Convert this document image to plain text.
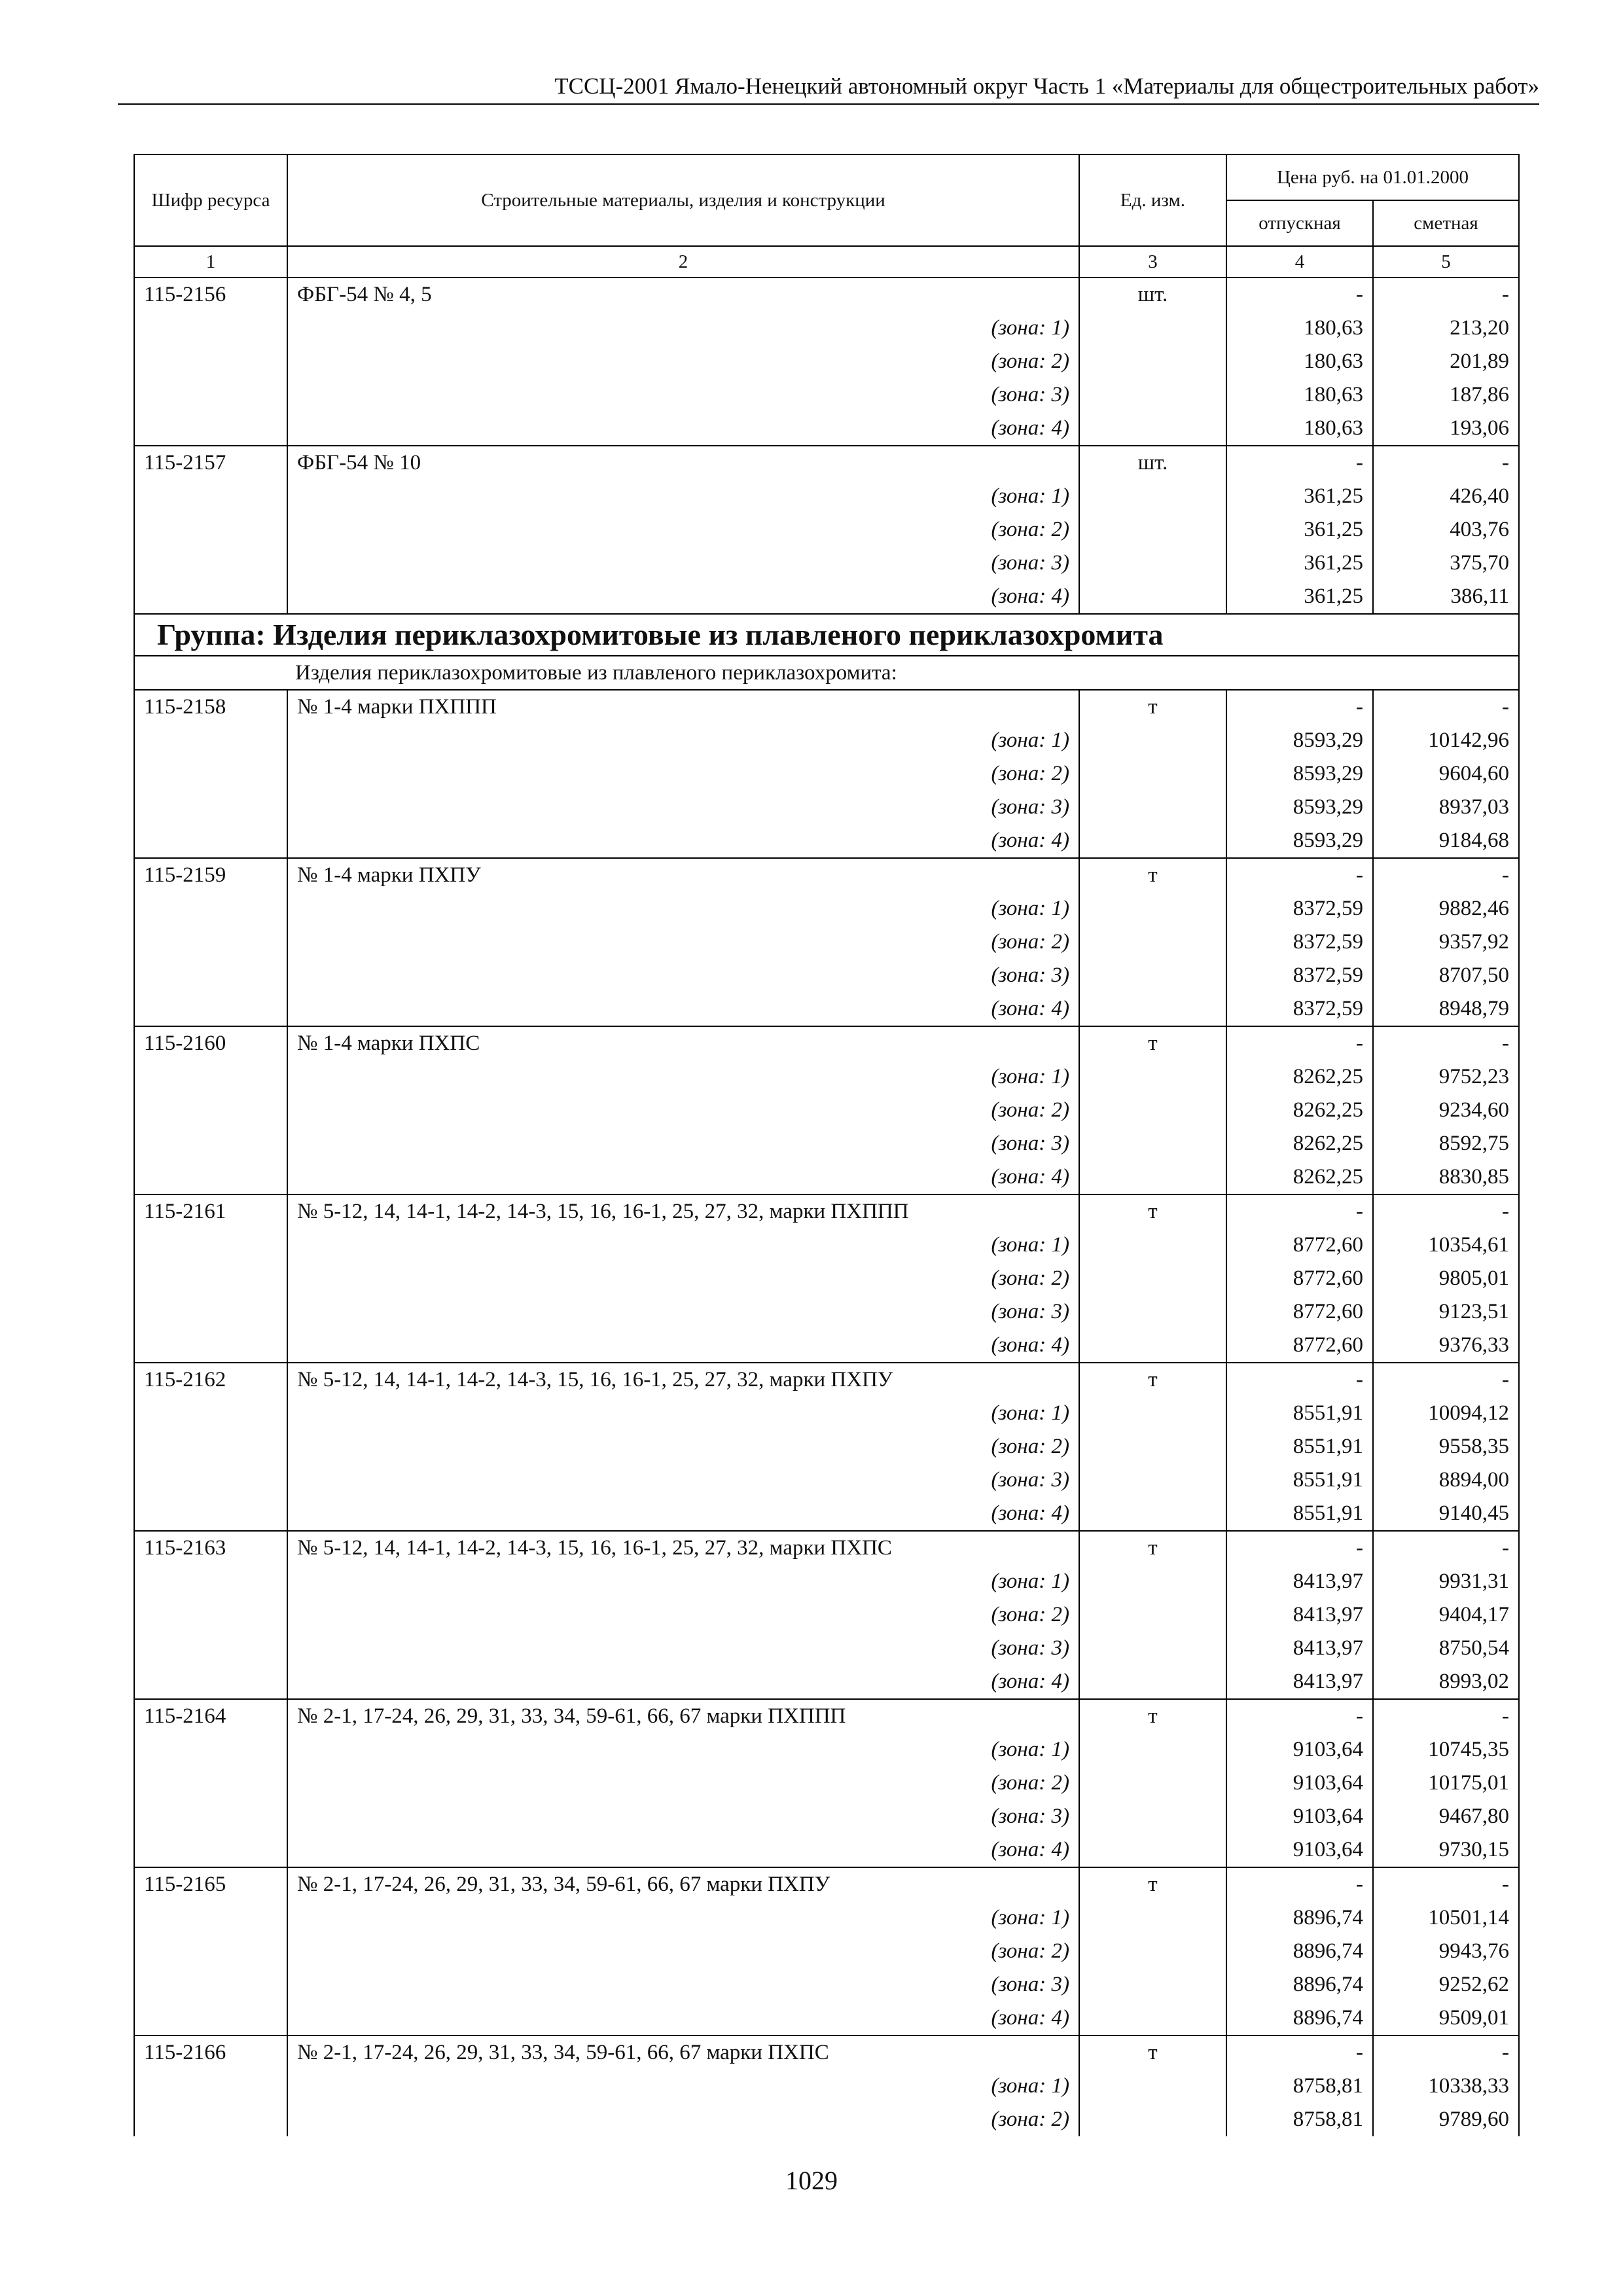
ТССЦ-2001 Ямало-Ненецкий автономный округ Часть 1 «Материалы для общестроительных работ»
Шифр ресурса	Строительные материалы, изделия и конструкции	Ед. изм.	Цена руб. на 01.01.2000	
			отпускная	сметная
1	2	3	4	5
115-2156	ФБГ-54 № 4, 5	шт.	-	-
	(зона: 1)		180,63	213,20
	(зона: 2)		180,63	201,89
	(зона: 3)		180,63	187,86
	(зона: 4)		180,63	193,06
115-2157	ФБГ-54 № 10	шт.	-	-
	(зона: 1)		361,25	426,40
	(зона: 2)		361,25	403,76
	(зона: 3)		361,25	375,70
	(зона: 4)		361,25	386,11
Группа: Изделия периклазохромитовые из плавленого периклазохромита				
Изделия периклазохромитовые из плавленого периклазохромита:				
115-2158	№ 1-4 марки ПХППП	т	-	-
	(зона: 1)		8593,29	10142,96
	(зона: 2)		8593,29	9604,60
	(зона: 3)		8593,29	8937,03
	(зона: 4)		8593,29	9184,68
115-2159	№ 1-4 марки ПХПУ	т	-	-
	(зона: 1)		8372,59	9882,46
	(зона: 2)		8372,59	9357,92
	(зона: 3)		8372,59	8707,50
	(зона: 4)		8372,59	8948,79
115-2160	№ 1-4 марки ПХПС	т	-	-
	(зона: 1)		8262,25	9752,23
	(зона: 2)		8262,25	9234,60
	(зона: 3)		8262,25	8592,75
	(зона: 4)		8262,25	8830,85
115-2161	№ 5-12, 14, 14-1, 14-2, 14-3, 15, 16, 16-1, 25, 27, 32, марки ПХППП	т	-	-
	(зона: 1)		8772,60	10354,61
	(зона: 2)		8772,60	9805,01
	(зона: 3)		8772,60	9123,51
	(зона: 4)		8772,60	9376,33
115-2162	№ 5-12, 14, 14-1, 14-2, 14-3, 15, 16, 16-1, 25, 27, 32, марки ПХПУ	т	-	-
	(зона: 1)		8551,91	10094,12
	(зона: 2)		8551,91	9558,35
	(зона: 3)		8551,91	8894,00
	(зона: 4)		8551,91	9140,45
115-2163	№ 5-12, 14, 14-1, 14-2, 14-3, 15, 16, 16-1, 25, 27, 32, марки ПХПС	т	-	-
	(зона: 1)		8413,97	9931,31
	(зона: 2)		8413,97	9404,17
	(зона: 3)		8413,97	8750,54
	(зона: 4)		8413,97	8993,02
115-2164	№ 2-1, 17-24, 26, 29, 31, 33, 34, 59-61, 66, 67 марки ПХППП	т	-	-
	(зона: 1)		9103,64	10745,35
	(зона: 2)		9103,64	10175,01
	(зона: 3)		9103,64	9467,80
	(зона: 4)		9103,64	9730,15
115-2165	№ 2-1, 17-24, 26, 29, 31, 33, 34, 59-61, 66, 67 марки ПХПУ	т	-	-
	(зона: 1)		8896,74	10501,14
	(зона: 2)		8896,74	9943,76
	(зона: 3)		8896,74	9252,62
	(зона: 4)		8896,74	9509,01
115-2166	№ 2-1, 17-24, 26, 29, 31, 33, 34, 59-61, 66, 67 марки ПХПС	т	-	-
	(зона: 1)		8758,81	10338,33
	(зона: 2)		8758,81	9789,60
1029
